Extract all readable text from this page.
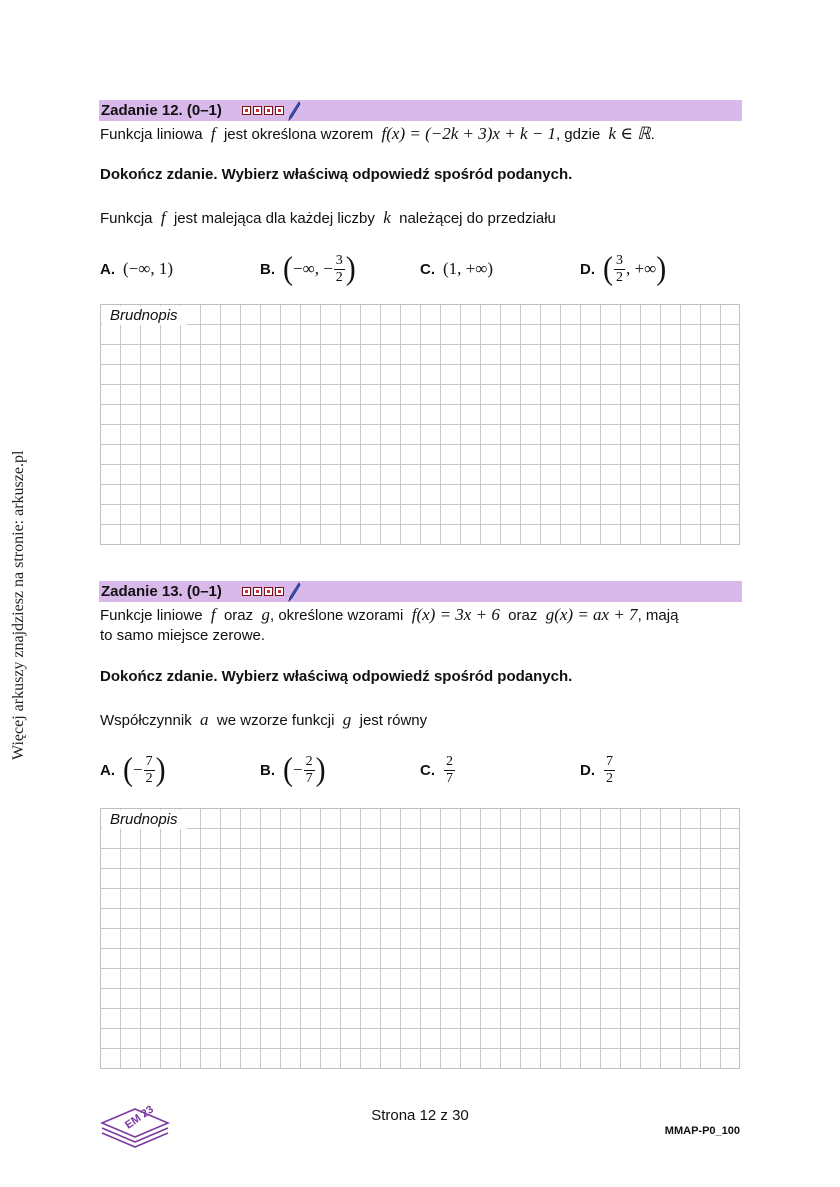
Więcej arkuszy znajdziesz na stronie: arkusze.pl
Zadanie 12. (0–1)
Funkcja liniowa f jest określona wzorem f(x) = (−2k + 3)x + k − 1, gdzie k ∈ ℝ.
Dokończ zdanie. Wybierz właściwą odpowiedź spośród podanych.
Funkcja f jest malejąca dla każdej liczby k należącej do przedziału
A. (−∞, 1)	B. ( −∞, − $\frac{3}{2}$ )	C. (1, +∞)	D. ( $\frac{3}{2}$ , +∞ )
Brudnopis
Zadanie 13. (0–1)
Funkcje liniowe f oraz g, określone wzorami f(x) = 3x + 6 oraz g(x) = ax + 7, mają
to samo miejsce zerowe.
Dokończ zdanie. Wybierz właściwą odpowiedź spośród podanych.
Współczynnik a we wzorze funkcji g jest równy
A. ( − $\frac{7}{2}$ )	B. ( − $\frac{2}{7}$ )	C. $\frac{2}{7}$	D. $\frac{7}{2}$
Brudnopis
EM 23	Strona 12 z 30
MMAP-P0_100
